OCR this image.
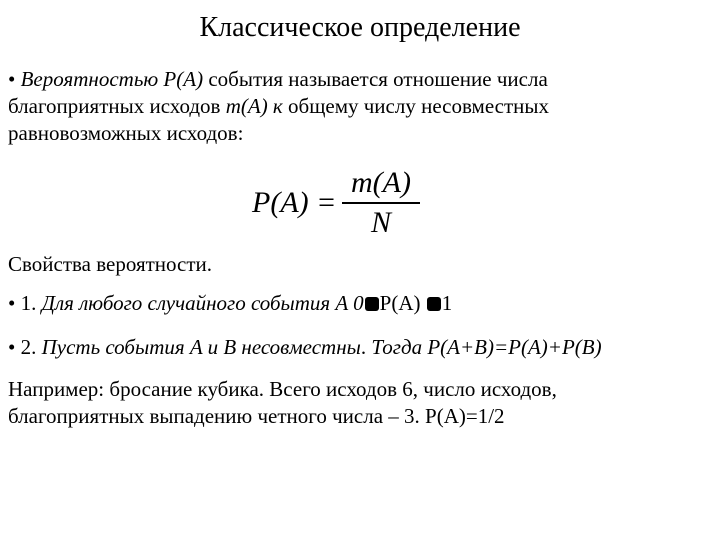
Классическое определение
• Вероятностью P(A) события называется отношение числа
благоприятных исходов m(A) к общему числу несовместных
равновозможных исходов:
P(A) =
m(A)
N
Свойства вероятности.
• 1. Для любого случайного события A 0 P(A) 1
• 2. Пусть события A и B несовместны. Тогда P(A+B)=P(A)+P(B)
Например: бросание кубика. Всего исходов 6, число исходов,
благоприятных выпадению четного числа – 3. P(A)=1/2
